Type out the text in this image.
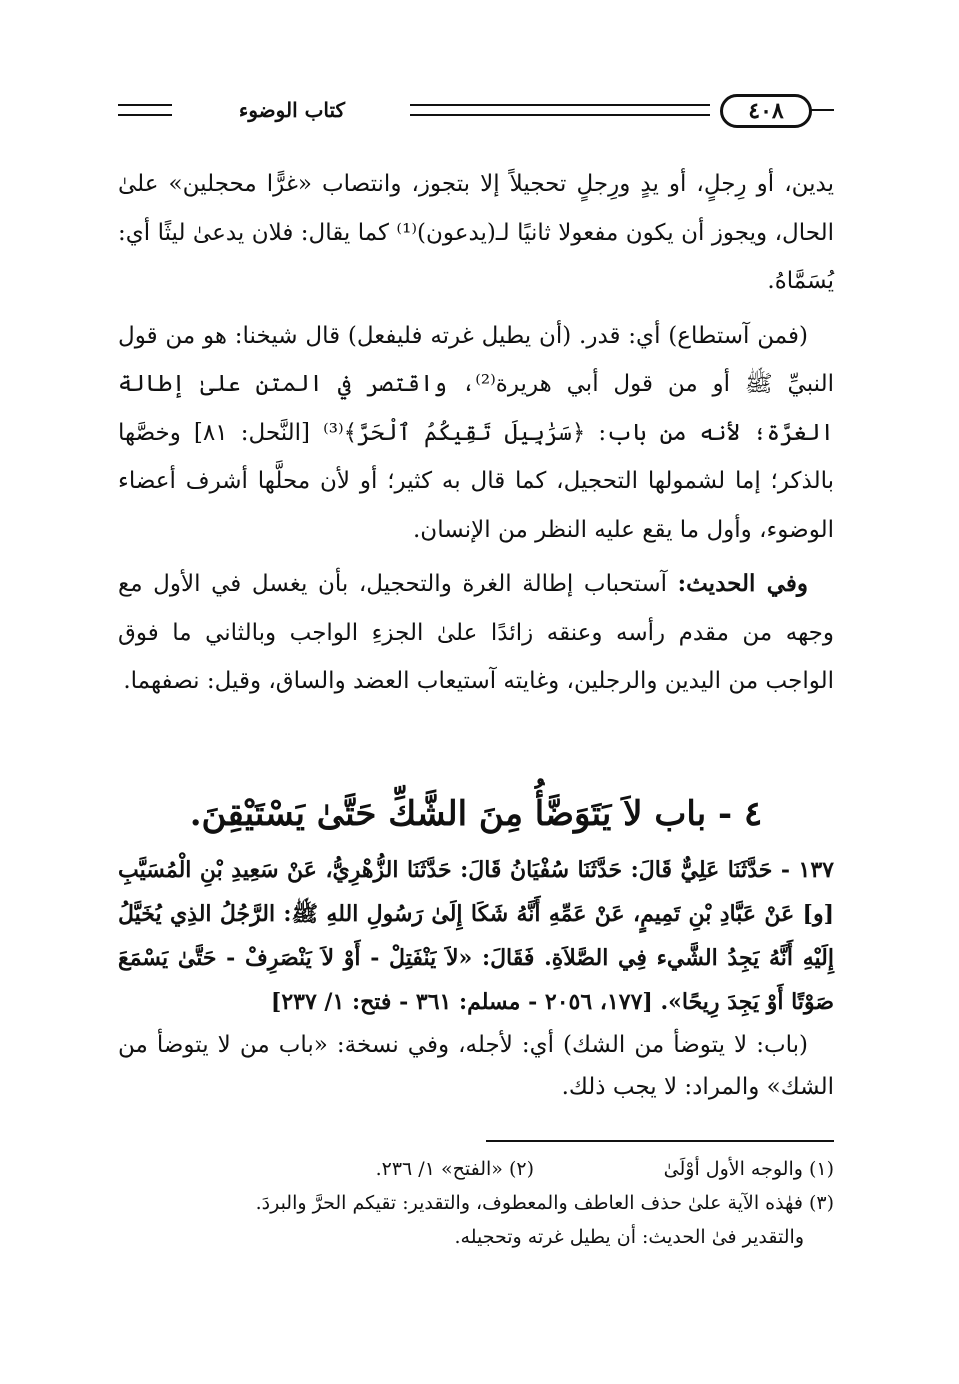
كتاب الوضوء	٤٠٨

يدين، أو رِجلٍ، أو يدٍ ورِجلٍ تحجيلاً إلا بتجوز، وانتصاب «غرًّا محجلين» علىٰ الحال، ويجوز أن يكون مفعولا ثانيًا لـ(يدعون)⁽¹⁾ كما يقال: فلان يدعىٰ ليثًا أي: يُسَمَّاهُ.

(فمن آستطاع) أي: قدر. (أن يطيل غرته فليفعل) قال شيخنا: هو من قول النبيِّ ﷺ أو من قول أبي هريرة⁽²⁾، واقتصر في المتن علىٰ إطالة الغرَّة؛ لأنه من باب: ﴿سَرَٰبِيلَ تَقِيكُمُ ٱلْحَرَّ﴾⁽³⁾ [النَّحل: ٨١] وخصَّها بالذكر؛ إما لشمولها التحجيل، كما قال به كثير؛ أو لأن محلَّها أشرف أعضاء الوضوء، وأول ما يقع عليه النظر من الإنسان.

وفي الحديث: آستحباب إطالة الغرة والتحجيل، بأن يغسل في الأول مع وجهه من مقدم رأسه وعنقه زائدًا علىٰ الجزءِ الواجب وبالثاني ما فوق الواجب من اليدين والرجلين، وغايته آستيعاب العضد والساق، وقيل: نصفهما.

٤ - باب لاَ يَتَوَضَّأُ مِنَ الشَّكِّ حَتَّىٰ يَسْتَيْقِنَ.

١٣٧ - حَدَّثَنَا عَلِيٌّ قَالَ: حَدَّثَنَا سُفْيَانُ قَالَ: حَدَّثَنَا الزُّهْرِيُّ، عَنْ سَعِيدِ بْنِ الْمُسَيَّبِ [و] عَنْ عَبَّادِ بْنِ تَمِيمٍ، عَنْ عَمِّهِ أَنَّهُ شَكَا إِلَىٰ رَسُولِ اللهِ ﷺ: الرَّجُلُ الذِي يُخَيَّلُ إِلَيْهِ أَنَّهُ يَجِدُ الشَّيء فِي الصَّلاَةِ. فَقَالَ: «لاَ يَنْفَتِلْ - أَوْ لاَ يَنْصَرِفْ - حَتَّىٰ يَسْمَعَ صَوْتًا أَوْ يَجِدَ رِيحًا». [١٧٧، ٢٠٥٦ - مسلم: ٣٦١ - فتح: ١/ ٢٣٧]

(باب: لا يتوضأ من الشك) أي: لأجله، وفي نسخة: «باب من لا يتوضأ من الشك» والمراد: لا يجب ذلك.

(١) والوجه الأول أوْلَىٰ
(٢) «الفتح» ١/ ٢٣٦.
(٣) فهٰذه الآية علىٰ حذف العاطف والمعطوف، والتقدير: تقيكم الحرَّ والبردَ.
والتقدير فىٰ الحديث: أن يطيل غرته وتحجيله.
